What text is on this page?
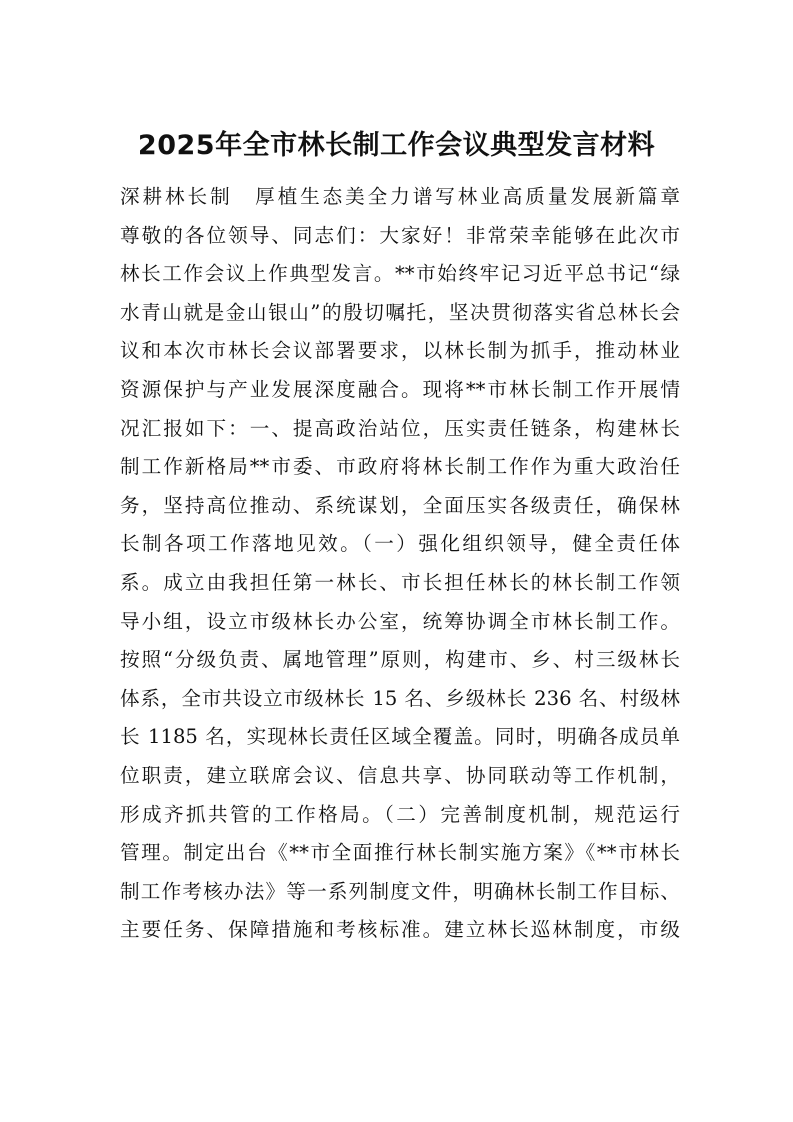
2025年全市林长制工作会议典型发言材料
深耕林长制　厚植生态美全力谱写林业高质量发展新篇章
尊敬的各位领导、同志们：大家好！非常荣幸能够在此次市
林长工作会议上作典型发言。**市始终牢记习近平总书记“绿
水青山就是金山银山”的殷切嘱托，坚决贯彻落实省总林长会
议和本次市林长会议部署要求，以林长制为抓手，推动林业
资源保护与产业发展深度融合。现将**市林长制工作开展情
况汇报如下：一、提高政治站位，压实责任链条，构建林长
制工作新格局**市委、市政府将林长制工作作为重大政治任
务，坚持高位推动、系统谋划，全面压实各级责任，确保林
长制各项工作落地见效。（一）强化组织领导，健全责任体
系。成立由我担任第一林长、市长担任林长的林长制工作领
导小组，设立市级林长办公室，统筹协调全市林长制工作。
按照“分级负责、属地管理”原则，构建市、乡、村三级林长
体系，全市共设立市级林长 15 名、乡级林长 236 名、村级林
长 1185 名，实现林长责任区域全覆盖。同时，明确各成员单
位职责，建立联席会议、信息共享、协同联动等工作机制，
形成齐抓共管的工作格局。（二）完善制度机制，规范运行
管理。制定出台《**市全面推行林长制实施方案》《**市林长
制工作考核办法》等一系列制度文件，明确林长制工作目标、
主要任务、保障措施和考核标准。建立林长巡林制度，市级
